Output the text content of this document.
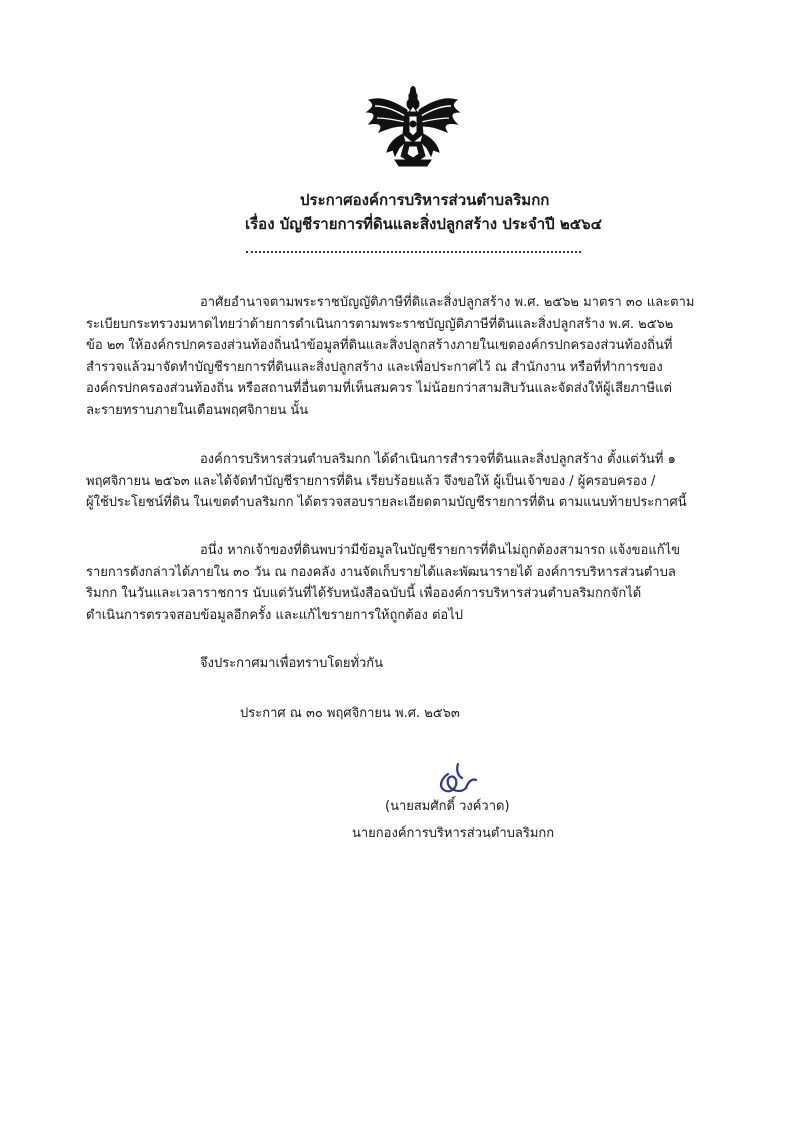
ประกาศองค์การบริหารส่วนตำบลริมกก
เรื่อง บัญชีรายการที่ดินและสิ่งปลูกสร้าง ประจำปี ๒๕๖๔
อาศัยอำนาจตามพระราชบัญญัติภาษีที่ดิและสิ่งปลูกสร้าง พ.ศ. ๒๕๖๒ มาตรา ๓๐ และตาม
ระเบียบกระทรวงมหาดไทยว่าด้ายการดำเนินการตามพระราชบัญญัติภาษีที่ดินและสิ่งปลูกสร้าง พ.ศ. ๒๕๖๒
ข้อ ๒๓ ให้องค์กรปกครองส่วนท้องถิ่นนำข้อมูลที่ดินและสิ่งปลูกสร้างภายในเขตองค์กรปกครองส่วนท้องถิ่นที่
สำรวจแล้วมาจัดทำบัญชีรายการที่ดินและสิ่งปลูกสร้าง และเพื่อประกาศไว้ ณ สำนักงาน หรือที่ทำการของ
องค์กรปกครองส่วนท้องถิ่น หรือสถานที่อื่นตามที่เห็นสมควร ไม่น้อยกว่าสามสิบวันและจัดส่งให้ผู้เสียภาษีแต่
ละรายทราบภายในเดือนพฤศจิกายน นั้น
องค์การบริหารส่วนตำบลริมกก ได้ดำเนินการสำรวจที่ดินและสิ่งปลูกสร้าง ตั้งแต่วันที่ ๑
พฤศจิกายน ๒๕๖๓ และได้จัดทำบัญชีรายการที่ดิน เรียบร้อยแล้ว จึงขอให้ ผู้เป็นเจ้าของ / ผู้ครอบครอง /
ผู้ใช้ประโยชน์ที่ดิน ในเขตตำบลริมกก ได้ตรวจสอบรายละเอียดตามบัญชีรายการที่ดิน ตามแนบท้ายประกาศนี้
อนึ่ง หากเจ้าของที่ดินพบว่ามีข้อมูลในบัญชีรายการที่ดินไม่ถูกต้องสามารถ แจ้งขอแก้ไข
รายการดังกล่าวได้ภายใน ๓๐ วัน ณ กองคลัง งานจัดเก็บรายได้และพัฒนารายได้ องค์การบริหารส่วนตำบล
ริมกก ในวันและเวลาราชการ นับแต่วันที่ได้รับหนังสือฉบับนี้ เพื่อองค์การบริหารส่วนตำบลริมกกจักได้
ดำเนินการตรวจสอบข้อมูลอีกครั้ง และแก้ไขรายการให้ถูกต้อง ต่อไป
จึงประกาศมาเพื่อทราบโดยทั่วกัน
ประกาศ ณ ๓๐ พฤศจิกายน พ.ศ. ๒๕๖๓
(นายสมศักดิ์ วงค์วาด)
นายกองค์การบริหารส่วนตำบลริมกก
